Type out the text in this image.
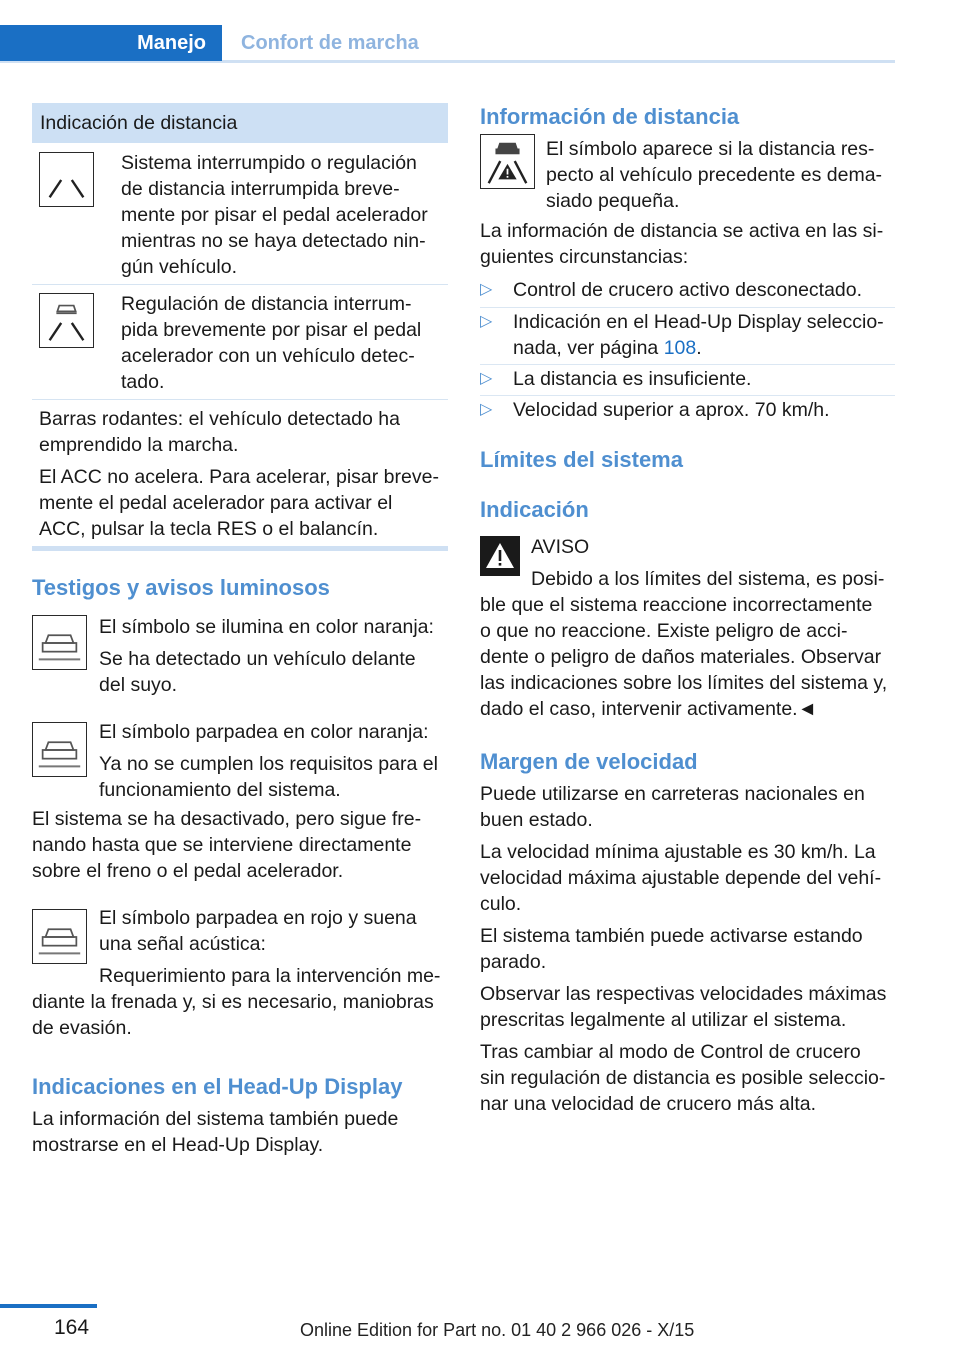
Manejo	Confort de marcha
Indicación de distancia
Sistema interrumpido o regulación
de distancia interrumpida breve-
mente por pisar el pedal acelerador
mientras no se haya detectado nin-
gún vehículo.
Regulación de distancia interrum-
pida brevemente por pisar el pedal
acelerador con un vehículo detec-
tado.
Barras rodantes: el vehículo detectado ha
emprendido la marcha.
El ACC no acelera. Para acelerar, pisar breve-
mente el pedal acelerador para activar el
ACC, pulsar la tecla RES o el balancín.
Testigos y avisos luminosos
El símbolo se ilumina en color naranja:
Se ha detectado un vehículo delante
del suyo.
El símbolo parpadea en color naranja:
Ya no se cumplen los requisitos para el
funcionamiento del sistema.
El sistema se ha desactivado, pero sigue fre-
nando hasta que se interviene directamente
sobre el freno o el pedal acelerador.
El símbolo parpadea en rojo y suena
una señal acústica:
Requerimiento para la intervención me-
diante la frenada y, si es necesario, maniobras
de evasión.
Indicaciones en el Head-Up Display
La información del sistema también puede
mostrarse en el Head-Up Display.
Información de distancia
El símbolo aparece si la distancia res-
pecto al vehículo precedente es dema-
siado pequeña.
La información de distancia se activa en las si-
guientes circunstancias:
▷ Control de crucero activo desconectado.
▷ Indicación en el Head-Up Display seleccio-
nada, ver página 108.
▷ La distancia es insuficiente.
▷ Velocidad superior a aprox. 70 km/h.
Límites del sistema
Indicación
AVISO
Debido a los límites del sistema, es posi-
ble que el sistema reaccione incorrectamente
o que no reaccione. Existe peligro de acci-
dente o peligro de daños materiales. Observar
las indicaciones sobre los límites del sistema y,
dado el caso, intervenir activamente.◄
Margen de velocidad
Puede utilizarse en carreteras nacionales en
buen estado.
La velocidad mínima ajustable es 30 km/h. La
velocidad máxima ajustable depende del vehí-
culo.
El sistema también puede activarse estando
parado.
Observar las respectivas velocidades máximas
prescritas legalmente al utilizar el sistema.
Tras cambiar al modo de Control de crucero
sin regulación de distancia es posible seleccio-
nar una velocidad de crucero más alta.
164	Online Edition for Part no. 01 40 2 966 026 - X/15
